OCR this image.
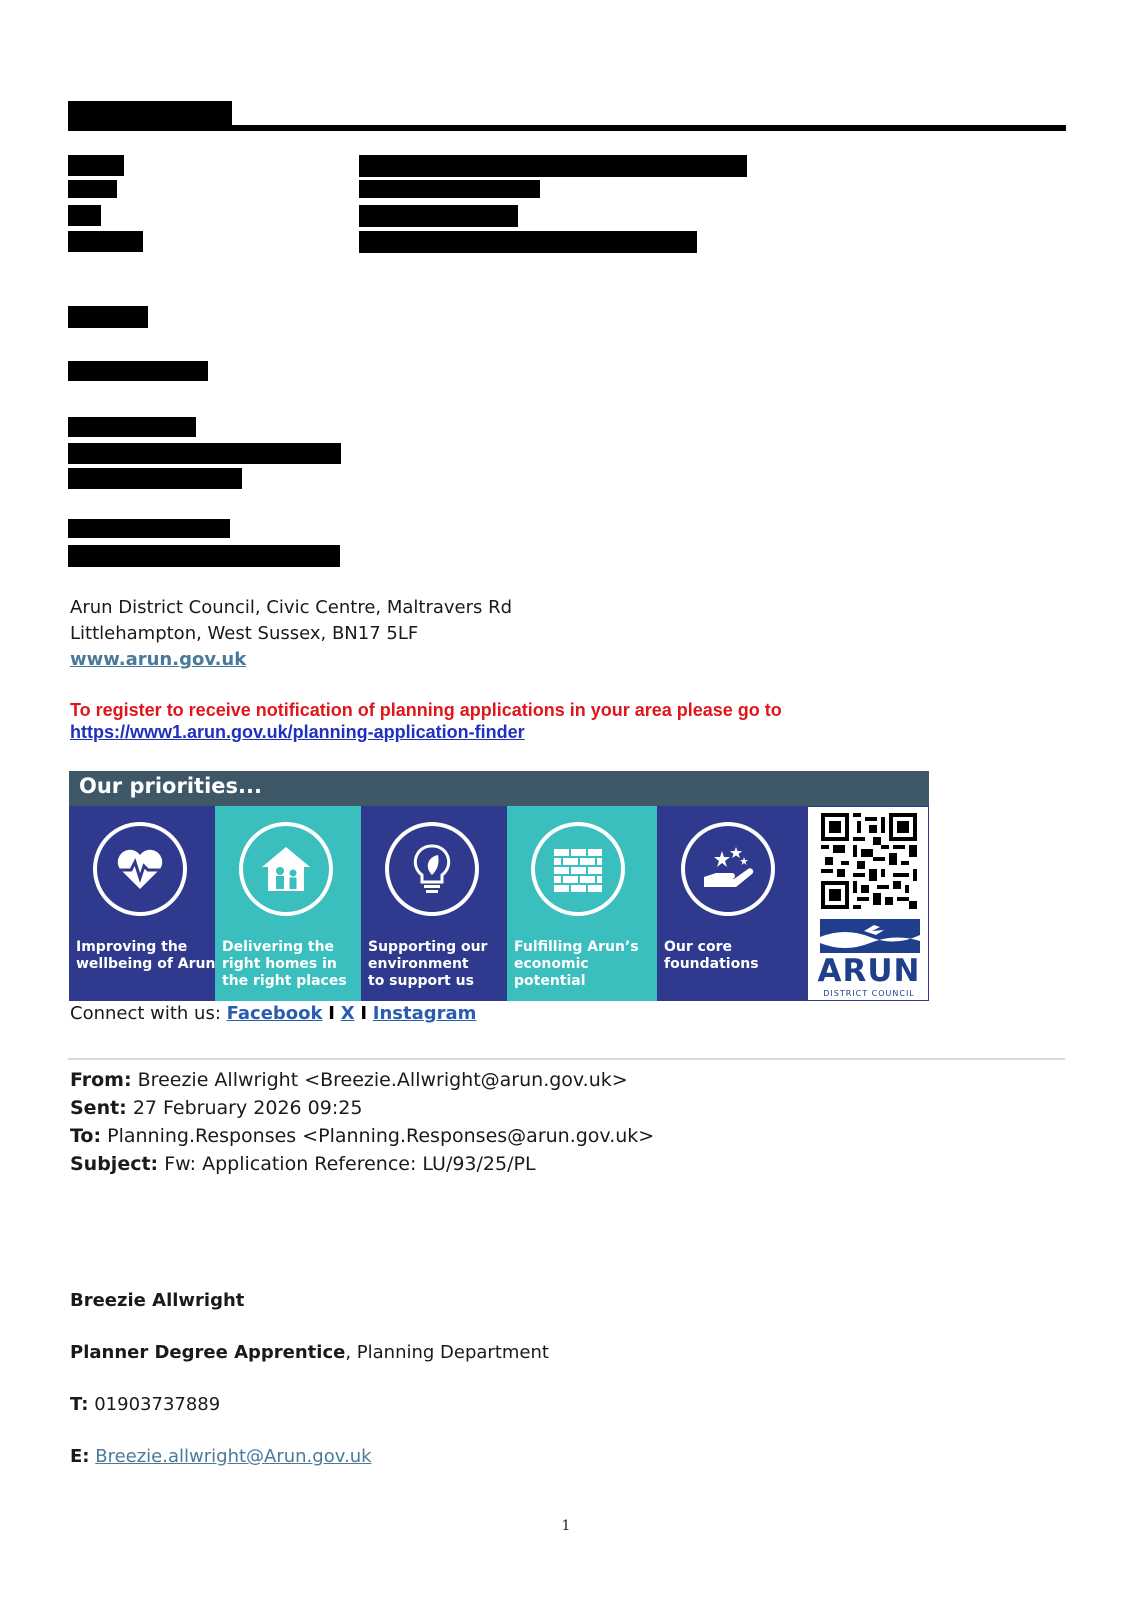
Arun District Council, Civic Centre, Maltravers Rd
Littlehampton, West Sussex, BN17 5LF
www.arun.gov.uk
To register to receive notification of planning applications in your area please go to
https://www1.arun.gov.uk/planning-application-finder
Our priorities...
Improving the
wellbeing of Arun
Delivering the
right homes in
the right places
Supporting our
environment
to support us
Fulfilling Arun’s
economic
potential
Our core
foundations	ARUN
DISTRICT COUNCIL
Connect with us: Facebook I X I Instagram
From: Breezie Allwright <Breezie.Allwright@arun.gov.uk>
Sent: 27 February 2026 09:25
To: Planning.Responses <Planning.Responses@arun.gov.uk>
Subject: Fw: Application Reference: LU/93/25/PL
Breezie Allwright
Planner Degree Apprentice, Planning Department
T: 01903737889
E: Breezie.allwright@Arun.gov.uk
1
